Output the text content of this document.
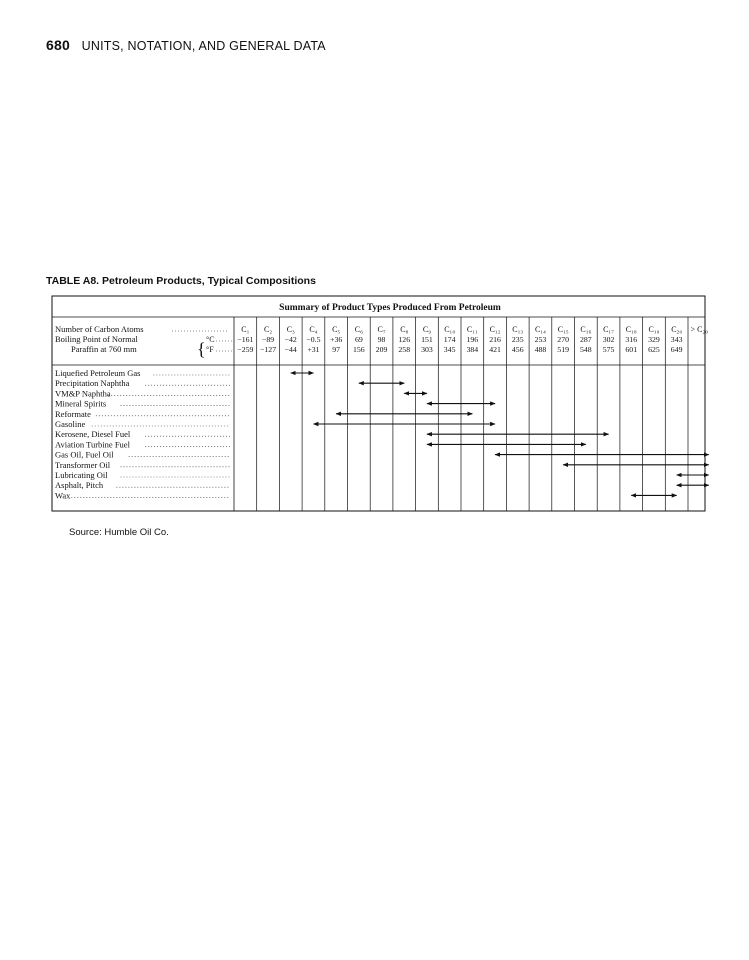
680 UNITS, NOTATION, AND GENERAL DATA
TABLE A8. Petroleum Products, Typical Compositions
Summary of Product Types Produced From Petroleum
Number of Carbon Atoms
Boiling Point of Normal
Paraffin at 760 mm	{ °C
°F
C₁
−161
−259
C₂
−89
−127
C₃
−42
−44
C₄
−0.5
+31
C₅
+36
97
C₆
69
156
C₇
98
209
C₈
126
258
C₉
151
303
C₁₀
174
345
C₁₁
196
384
C₁₂
216
421
C₁₃
235
456
C₁₄
253
488
C₁₅
270
519
C₁₆
287
548
C₁₇
302
575
C₁₈
316
601
C₁₉
329
625
C₂₀
343
649
> C₂₀
Liquefied Petroleum Gas
Precipitation Naphtha
VM&P Naphtha
Mineral Spirits
Reformate
Gasoline
Kerosene, Diesel Fuel
Aviation Turbine Fuel
Gas Oil, Fuel Oil
Transformer Oil
Lubricating Oil
Asphalt, Pitch
Wax
Source: Humble Oil Co.
